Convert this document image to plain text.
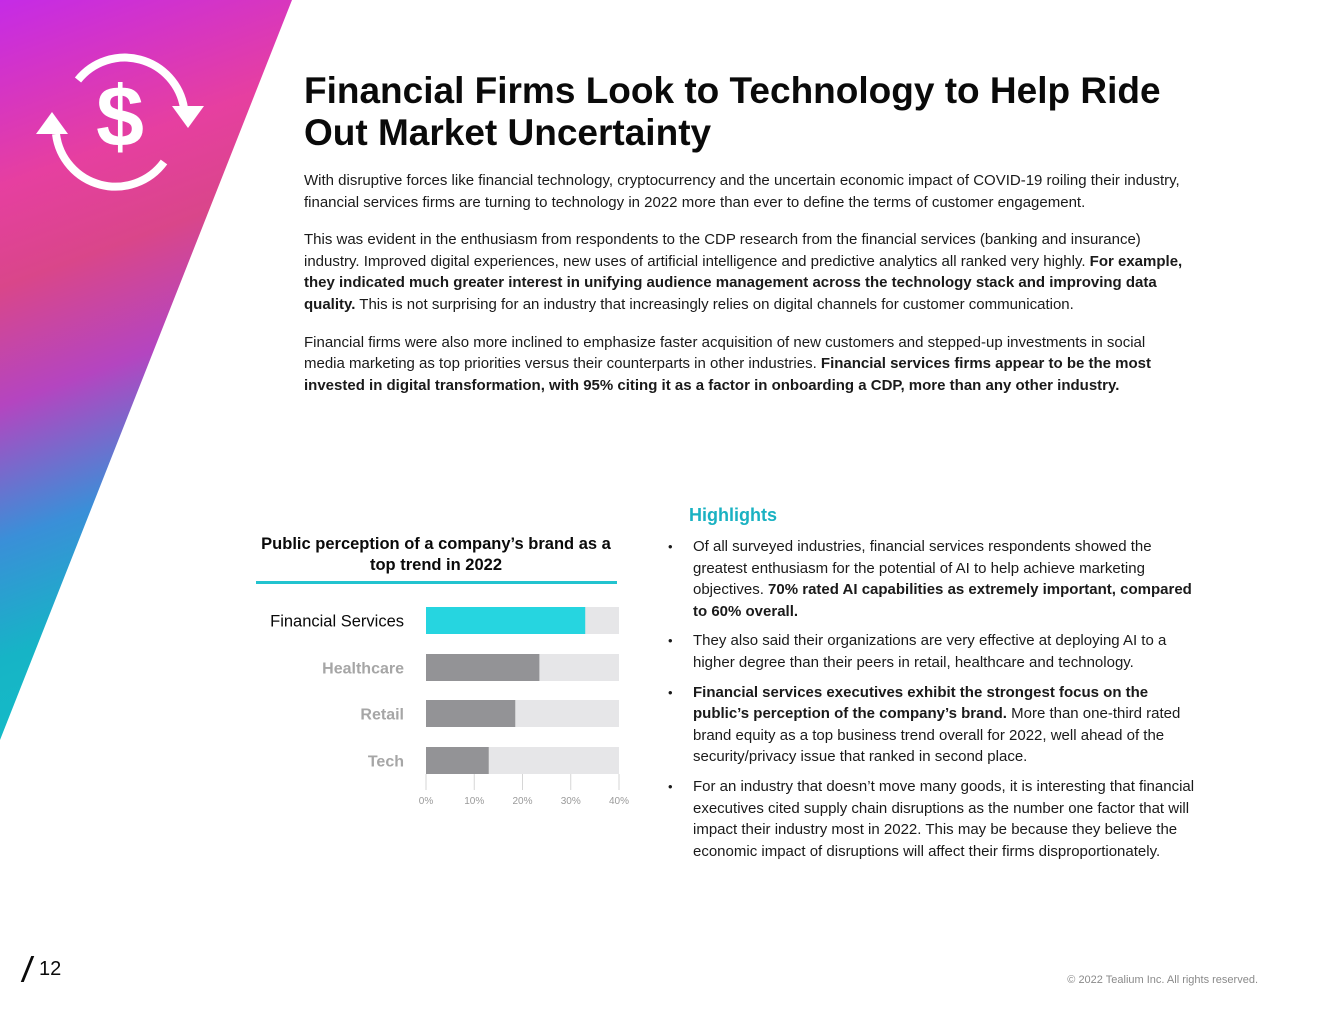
$	Financial Firms Look to Technology to Help Ride Out Market Uncertainty

With disruptive forces like financial technology, cryptocurrency and the uncertain economic impact of COVID-19 roiling their industry, financial services firms are turning to technology in 2022 more than ever to define the terms of customer engagement.

This was evident in the enthusiasm from respondents to the CDP research from the financial services (banking and insurance) industry. Improved digital experiences, new uses of artificial intelligence and predictive analytics all ranked very highly. For example, they indicated much greater interest in unifying audience management across the technology stack and improving data quality. This is not surprising for an industry that increasingly relies on digital channels for customer communication.

Financial firms were also more inclined to emphasize faster acquisition of new customers and stepped-up investments in social media marketing as top priorities versus their counterparts in other industries. Financial services firms appear to be the most invested in digital transformation, with 95% citing it as a factor in onboarding a CDP, more than any other industry.

Public perception of a company’s brand as a top trend in 2022
Financial Services
Healthcare
Retail
Tech
0%	10%	20%	30%	40%
Highlights
• Of all surveyed industries, financial services respondents showed the greatest enthusiasm for the potential of AI to help achieve marketing objectives. 70% rated AI capabilities as extremely important, compared to 60% overall.
• They also said their organizations are very effective at deploying AI to a higher degree than their peers in retail, healthcare and technology.
• Financial services executives exhibit the strongest focus on the public’s perception of the company’s brand. More than one-third rated brand equity as a top business trend overall for 2022, well ahead of the security/privacy issue that ranked in second place.
• For an industry that doesn’t move many goods, it is interesting that financial executives cited supply chain disruptions as the number one factor that will impact their industry most in 2022. This may be because they believe the economic impact of disruptions will affect their firms disproportionately.
12
© 2022 Tealium Inc. All rights reserved.
